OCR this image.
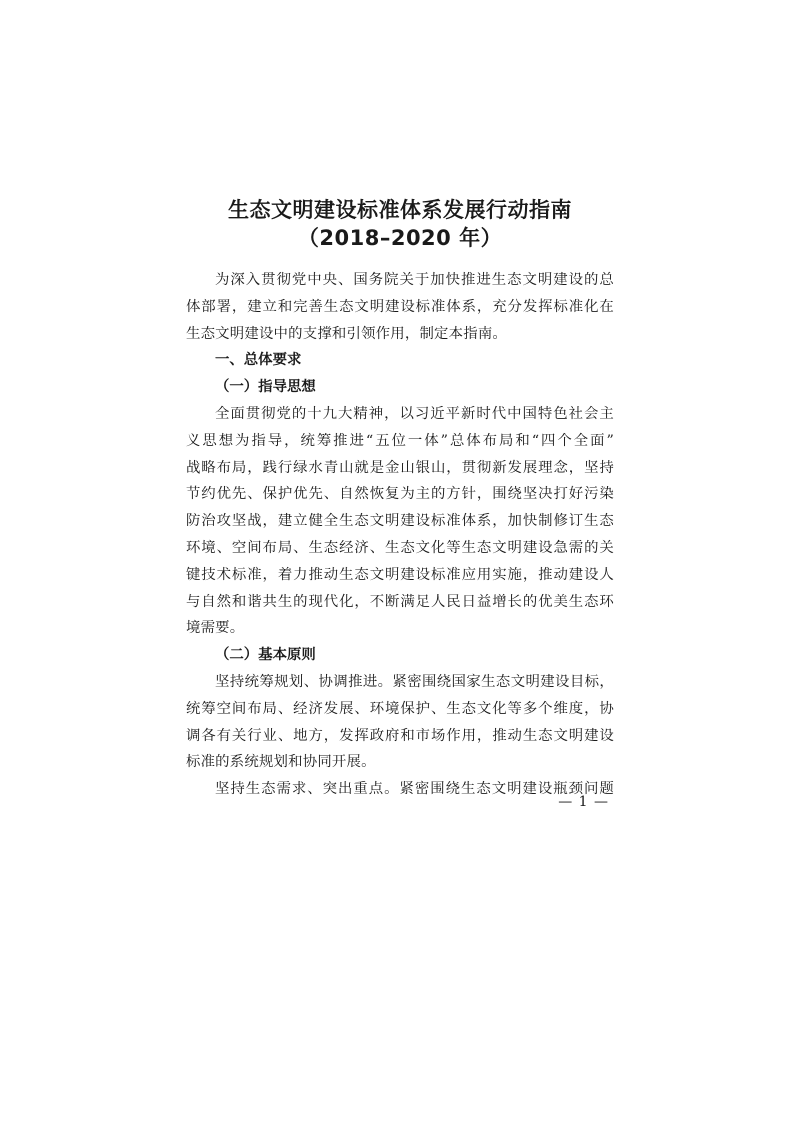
生态文明建设标准体系发展行动指南
（2018–2020 年）
为深入贯彻党中央、国务院关于加快推进生态文明建设的总
体部署，建立和完善生态文明建设标准体系，充分发挥标准化在
生态文明建设中的支撑和引领作用，制定本指南。
一、总体要求
（一）指导思想
全面贯彻党的十九大精神，以习近平新时代中国特色社会主
义思想为指导，统筹推进“五位一体”总体布局和“四个全面”
战略布局，践行绿水青山就是金山银山，贯彻新发展理念，坚持
节约优先、保护优先、自然恢复为主的方针，围绕坚决打好污染
防治攻坚战，建立健全生态文明建设标准体系，加快制修订生态
环境、空间布局、生态经济、生态文化等生态文明建设急需的关
键技术标准，着力推动生态文明建设标准应用实施，推动建设人
与自然和谐共生的现代化，不断满足人民日益增长的优美生态环
境需要。
（二）基本原则
坚持统筹规划、协调推进。紧密围绕国家生态文明建设目标，
统筹空间布局、经济发展、环境保护、生态文化等多个维度，协
调各有关行业、地方，发挥政府和市场作用，推动生态文明建设
标准的系统规划和协同开展。
坚持生态需求、突出重点。紧密围绕生态文明建设瓶颈问题
— 1 —
